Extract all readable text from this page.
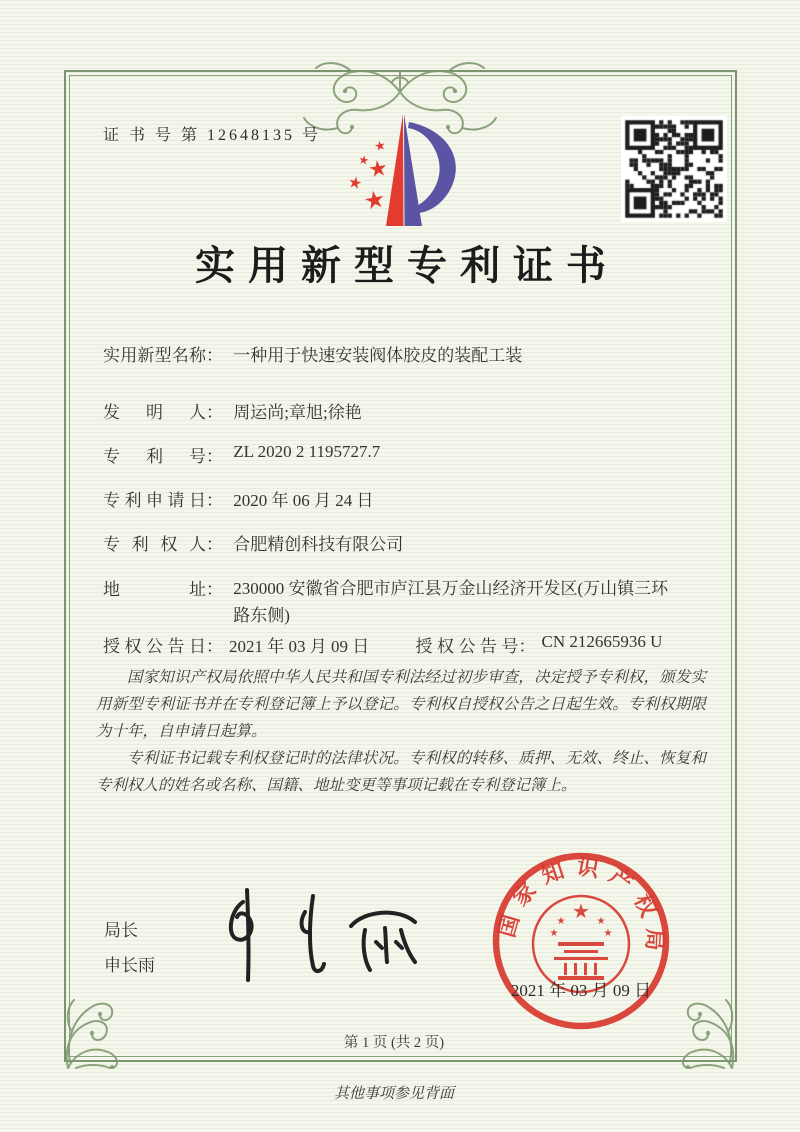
证 书 号 第 12648135 号
★
★
★
★
★
实用新型专利证书
实用新型名称： 一种用于快速安装阀体胶皮的装配工装
发明人： 周运尚;章旭;徐艳
专利号： ZL 2020 2 1195727.7
专利申请日： 2020 年 06 月 24 日
专利权人： 合肥精创科技有限公司
地址： 230000 安徽省合肥市庐江县万金山经济开发区(万山镇三环路东侧)
授权公告日： 2021 年 03 月 09 日	授权公告号： CN 212665936 U

国家知识产权局依照中华人民共和国专利法经过初步审查，决定授予专利权，颁发实用新型专利证书并在专利登记簿上予以登记。专利权自授权公告之日起生效。专利权期限为十年，自申请日起算。

专利证书记载专利权登记时的法律状况。专利权的转移、质押、无效、终止、恢复和专利权人的姓名或名称、国籍、地址变更等事项记载在专利登记簿上。

局长
申长雨
国家知识产权局
★
★	★
★	★
2021 年 03 月 09 日
第 1 页 (共 2 页)
其他事项参见背面
